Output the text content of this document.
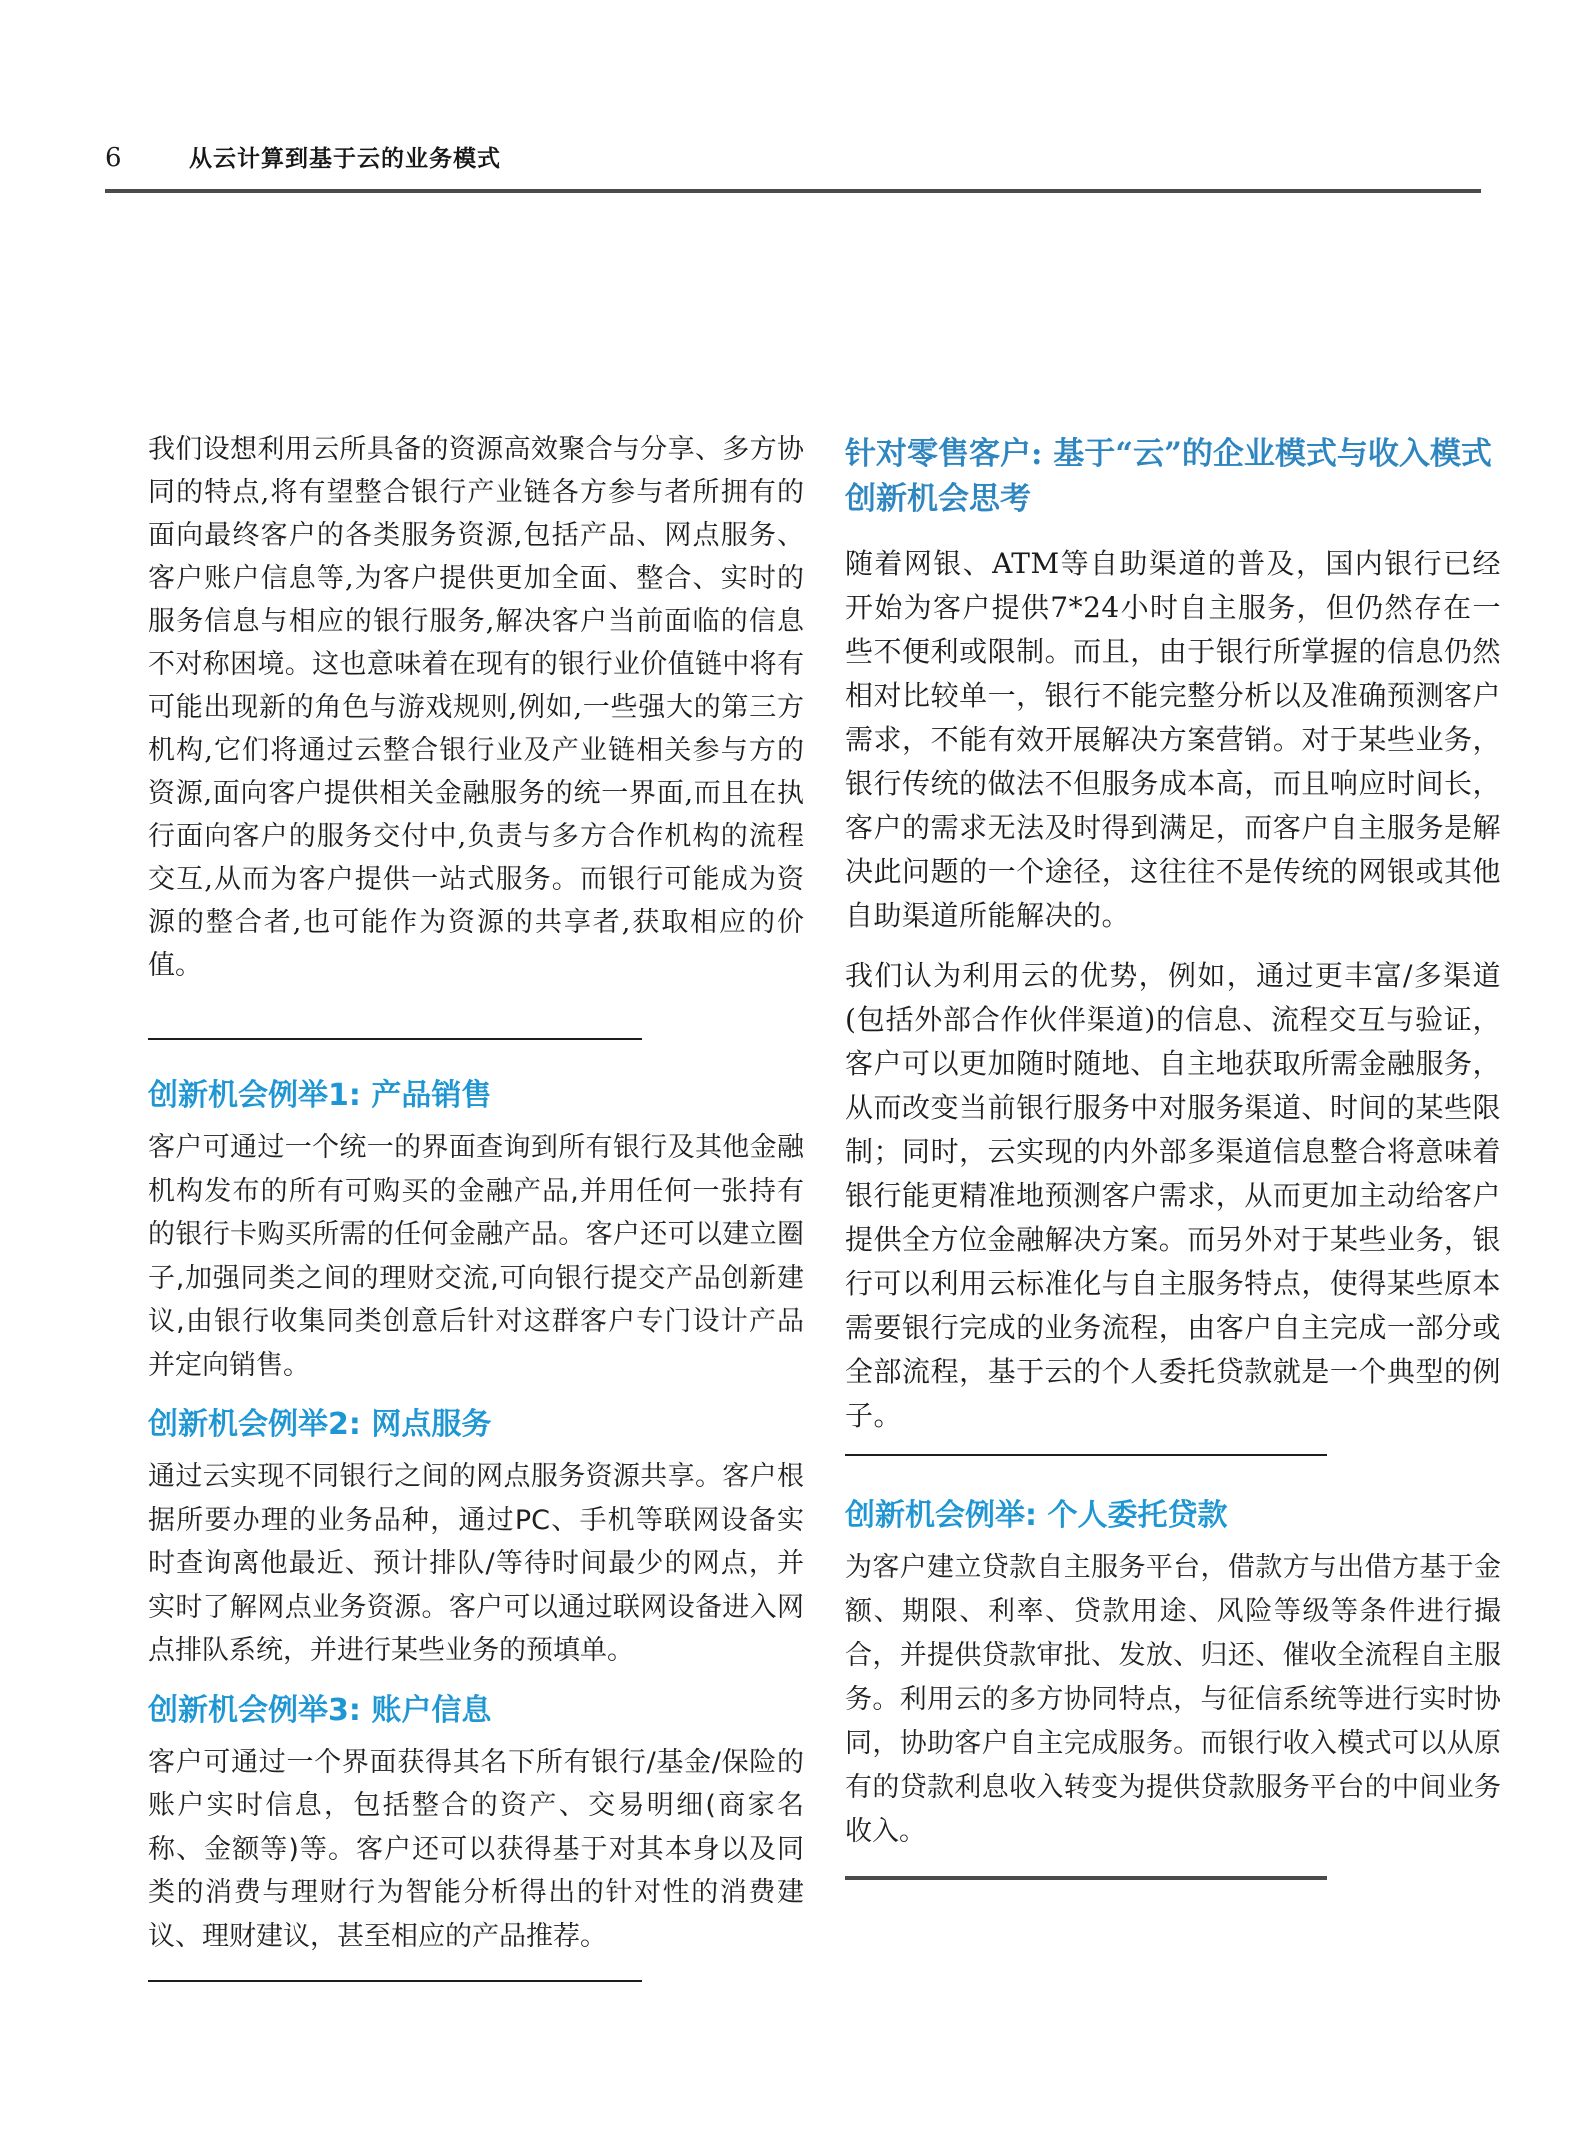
6	从云计算到基于云的业务模式

我们设想利用云所具备的资源高效聚合与分享、多方协同的特点,将有望整合银行产业链各方参与者所拥有的面向最终客户的各类服务资源,包括产品、网点服务、客户账户信息等,为客户提供更加全面、整合、实时的服务信息与相应的银行服务,解决客户当前面临的信息不对称困境。这也意味着在现有的银行业价值链中将有可能出现新的角色与游戏规则,例如,一些强大的第三方机构,它们将通过云整合银行业及产业链相关参与方的资源,面向客户提供相关金融服务的统一界面,而且在执行面向客户的服务交付中,负责与多方合作机构的流程交互,从而为客户提供一站式服务。而银行可能成为资源的整合者,也可能作为资源的共享者,获取相应的价值。

创新机会例举1: 产品销售

客户可通过一个统一的界面查询到所有银行及其他金融机构发布的所有可购买的金融产品,并用任何一张持有的银行卡购买所需的任何金融产品。客户还可以建立圈子,加强同类之间的理财交流,可向银行提交产品创新建议,由银行收集同类创意后针对这群客户专门设计产品并定向销售。

创新机会例举2: 网点服务

通过云实现不同银行之间的网点服务资源共享。客户根据所要办理的业务品种，通过PC、手机等联网设备实时查询离他最近、预计排队/等待时间最少的网点，并实时了解网点业务资源。客户可以通过联网设备进入网点排队系统，并进行某些业务的预填单。

创新机会例举3: 账户信息

客户可通过一个界面获得其名下所有银行/基金/保险的账户实时信息，包括整合的资产、交易明细(商家名称、金额等)等。客户还可以获得基于对其本身以及同类的消费与理财行为智能分析得出的针对性的消费建议、理财建议，甚至相应的产品推荐。

针对零售客户: 基于“云”的企业模式与收入模式创新机会思考

随着网银、ATM等自助渠道的普及，国内银行已经开始为客户提供7*24小时自主服务，但仍然存在一些不便利或限制。而且，由于银行所掌握的信息仍然相对比较单一，银行不能完整分析以及准确预测客户需求，不能有效开展解决方案营销。对于某些业务，银行传统的做法不但服务成本高，而且响应时间长，客户的需求无法及时得到满足，而客户自主服务是解决此问题的一个途径，这往往不是传统的网银或其他自助渠道所能解决的。

我们认为利用云的优势，例如，通过更丰富/多渠道(包括外部合作伙伴渠道)的信息、流程交互与验证，客户可以更加随时随地、自主地获取所需金融服务，从而改变当前银行服务中对服务渠道、时间的某些限制；同时，云实现的内外部多渠道信息整合将意味着银行能更精准地预测客户需求，从而更加主动给客户提供全方位金融解决方案。而另外对于某些业务，银行可以利用云标准化与自主服务特点，使得某些原本需要银行完成的业务流程，由客户自主完成一部分或全部流程，基于云的个人委托贷款就是一个典型的例子。

创新机会例举: 个人委托贷款

为客户建立贷款自主服务平台，借款方与出借方基于金额、期限、利率、贷款用途、风险等级等条件进行撮合，并提供贷款审批、发放、归还、催收全流程自主服务。利用云的多方协同特点，与征信系统等进行实时协同，协助客户自主完成服务。而银行收入模式可以从原有的贷款利息收入转变为提供贷款服务平台的中间业务收入。
